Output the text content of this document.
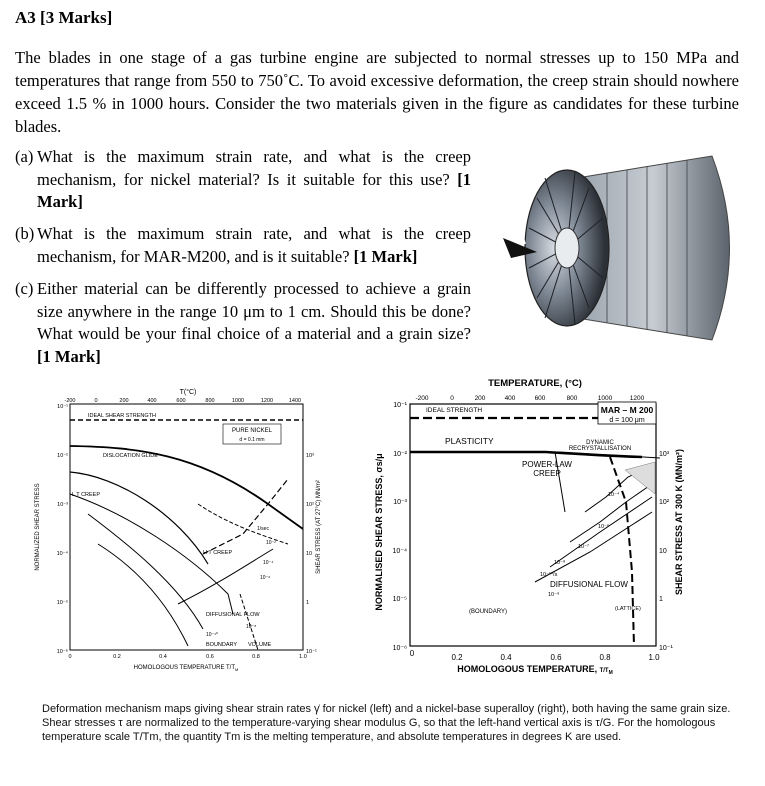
A3 [3 Marks]
The blades in one stage of a gas turbine engine are subjected to normal stresses up to 150 MPa and temperatures that range from 550 to 750˚C. To avoid excessive deformation, the creep strain should nowhere exceed 1.5 % in 1000 hours. Consider the two materials given in the figure as candidates for these turbine blades.
(a) What is the maximum strain rate, and what is the creep mechanism, for nickel material? Is it suitable for this use? [1 Mark]
(b) What is the maximum strain rate, and what is the creep mechanism, for MAR-M200, and is it suitable? [1 Mark]
(c) Either material can be differently processed to achieve a grain size anywhere in the range 10 μm to 1 cm. Should this be done? What would be your final choice of a material and a grain size? [1 Mark]
T(°C)
-200	0	200	400	600	800	1000	1200	1400
10⁻¹
10⁻²
10⁻³
10⁻⁴
10⁻⁵
10⁻⁶
10³
10²
10
1
10⁻¹
0	0.2	0.4	0.6	0.8	1.0
HOMOLOGOUS TEMPERATURE $T/T_M$
NORMALIZED SHEAR STRESS	SHEAR STRESS (AT 27°C) MN/m²
IDEAL SHEAR STRENGTH
PURE NICKEL
d = 0.1 mm
DISLOCATION GLIDE
L T CREEP
1/sec
10⁻²
H T CREEP
10⁻⁴
10⁻⁶
DIFFUSIONAL FLOW
10⁻⁸
10⁻¹⁰
BOUNDARY VOLUME
TEMPERATURE, (°C)
-200	0	200	400	600	800	1000	1200
10⁻¹
10⁻²
10⁻³
10⁻⁴
10⁻⁵
10⁻⁶
10³
10²
10
1
10⁻¹
0	0.2	0.4	0.6	0.8	1.0
HOMOLOGOUS TEMPERATURE, $T/T_M$
NORMALISED SHEAR STRESS, σs/μ	SHEAR STRESS AT 300 K (MN/m²)
IDEAL STRENGTH	MAR – M 200
d = 100 μm
PLASTICITY	DYNAMIC
RECRYSTALLISATION
POWER-LAW
CREEP
10⁻⁴
10⁻⁶
10⁻⁷
10⁻⁸
10⁻¹⁰/s
DIFFUSIONAL FLOW
(LATTICE)
(BOUNDARY)
10⁻⁹
Deformation mechanism maps giving shear strain rates γ̇ for nickel (left) and a nickel-base superalloy (right), both having the same grain size. Shear stresses τ are normalized to the temperature-varying shear modulus G, so that the left-hand vertical axis is τ/G. For the homologous temperature scale T/Tm, the quantity Tm is the melting temperature, and absolute temperatures in degrees K are used.
